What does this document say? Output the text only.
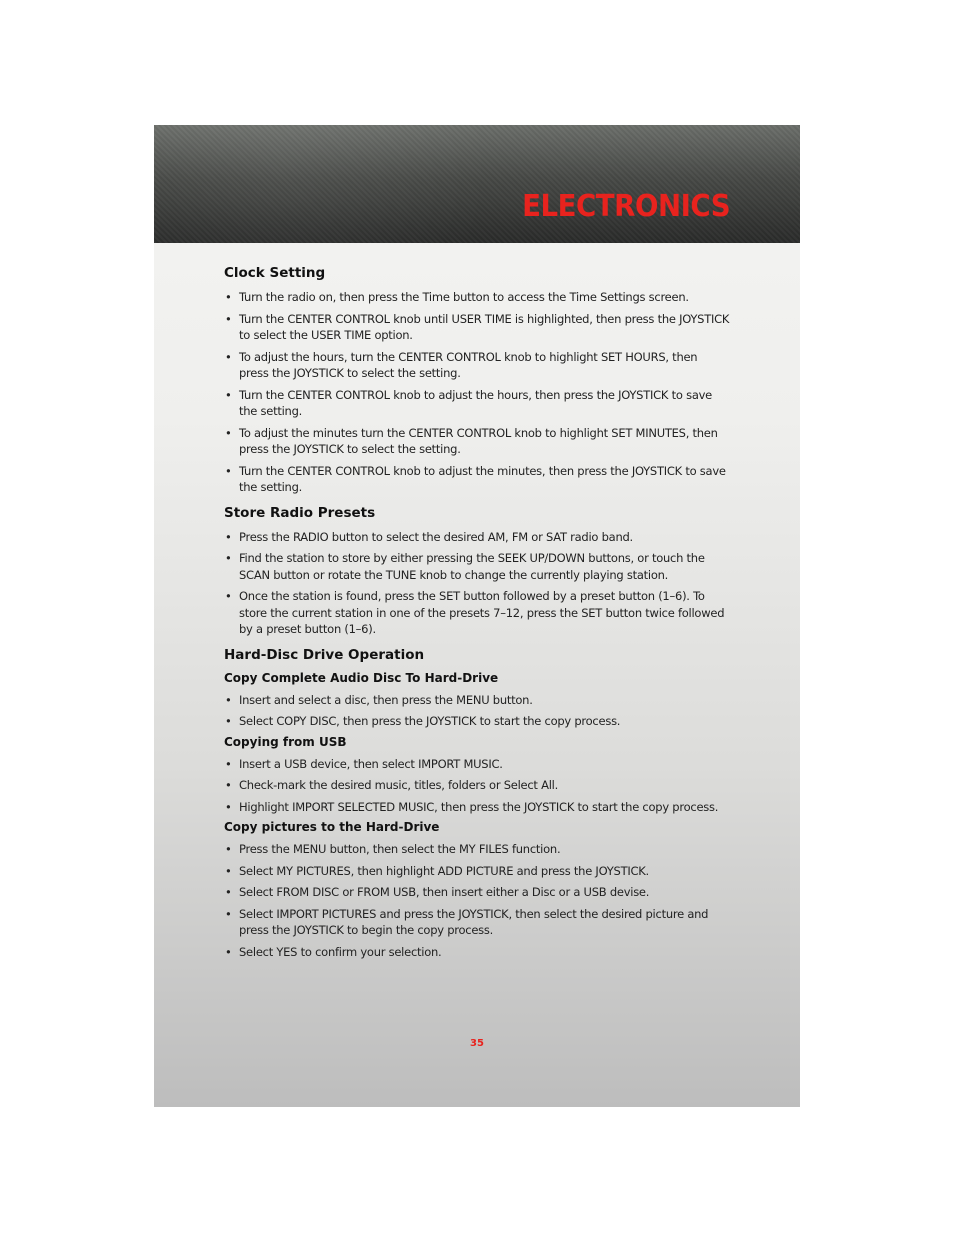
ELECTRONICS
Clock Setting
• Turn the radio on, then press the Time button to access the Time Settings screen.
• Turn the CENTER CONTROL knob until USER TIME is highlighted, then press the JOYSTICK to select the USER TIME option.
• To adjust the hours, turn the CENTER CONTROL knob to highlight SET HOURS, then press the JOYSTICK to select the setting.
• Turn the CENTER CONTROL knob to adjust the hours, then press the JOYSTICK to save the setting.
• To adjust the minutes turn the CENTER CONTROL knob to highlight SET MINUTES, then press the JOYSTICK to select the setting.
• Turn the CENTER CONTROL knob to adjust the minutes, then press the JOYSTICK to save the setting.
Store Radio Presets
• Press the RADIO button to select the desired AM, FM or SAT radio band.
• Find the station to store by either pressing the SEEK UP/DOWN buttons, or touch the SCAN button or rotate the TUNE knob to change the currently playing station.
• Once the station is found, press the SET button followed by a preset button (1–6). To store the current station in one of the presets 7–12, press the SET button twice followed by a preset button (1–6).
Hard-Disc Drive Operation
Copy Complete Audio Disc To Hard-Drive
• Insert and select a disc, then press the MENU button.
• Select COPY DISC, then press the JOYSTICK to start the copy process.
Copying from USB
• Insert a USB device, then select IMPORT MUSIC.
• Check-mark the desired music, titles, folders or Select All.
• Highlight IMPORT SELECTED MUSIC, then press the JOYSTICK to start the copy process.
Copy pictures to the Hard-Drive
• Press the MENU button, then select the MY FILES function.
• Select MY PICTURES, then highlight ADD PICTURE and press the JOYSTICK.
• Select FROM DISC or FROM USB, then insert either a Disc or a USB devise.
• Select IMPORT PICTURES and press the JOYSTICK, then select the desired picture and press the JOYSTICK to begin the copy process.
• Select YES to confirm your selection.
35
